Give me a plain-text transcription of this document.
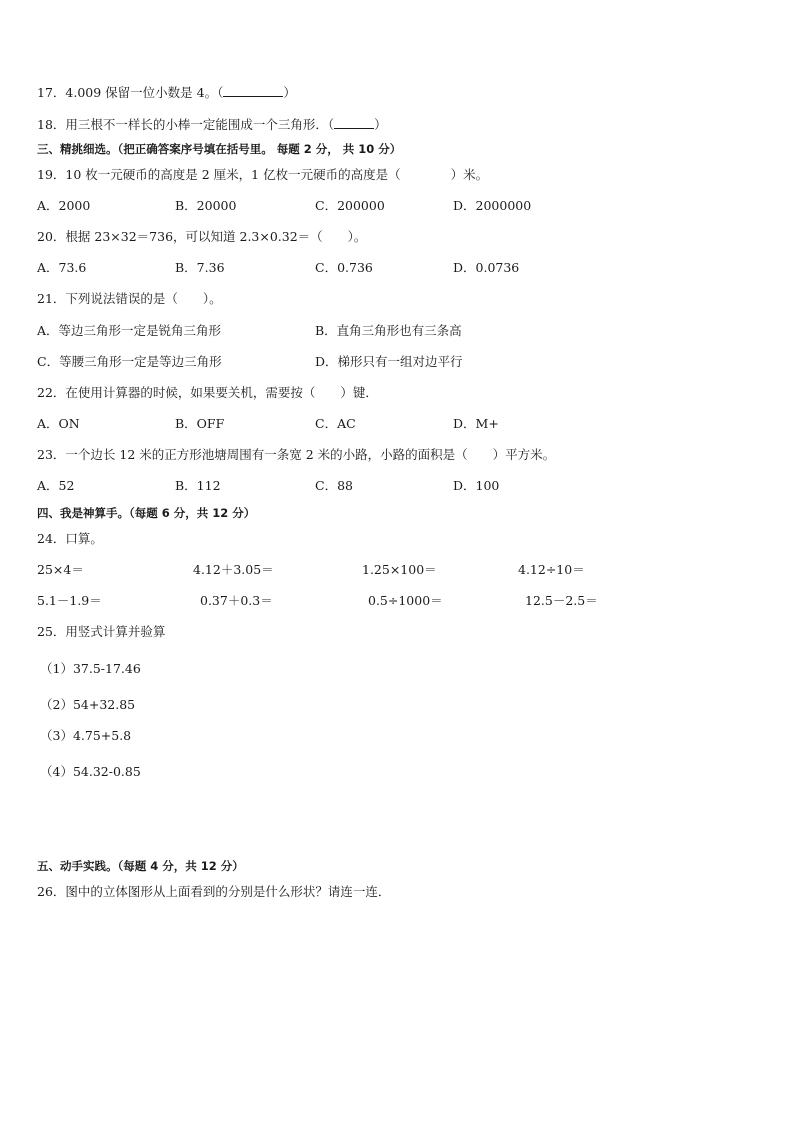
17．4.009 保留一位小数是 4。（	）
18．用三根不一样长的小棒一定能围成一个三角形．（	）
三、精挑细选。（把正确答案序号填在括号里。 每题 2 分， 共 10 分）
19．10 枚一元硬币的高度是 2 厘米，1 亿枚一元硬币的高度是（　　　　）米。
A．2000	B．20000	C．200000	D．2000000
20．根据 23×32＝736，可以知道 2.3×0.32＝（　　）。
A．73.6	B．7.36	C．0.736	D．0.0736
21．下列说法错误的是（　　）。
A．等边三角形一定是锐角三角形	B．直角三角形也有三条高
C．等腰三角形一定是等边三角形	D．梯形只有一组对边平行
22．在使用计算器的时候，如果要关机，需要按（　　）键．
A．ON	B．OFF	C．AC	D．M+
23．一个边长 12 米的正方形池塘周围有一条宽 2 米的小路，小路的面积是（　　）平方米。
A．52	B．112	C．88	D．100
四、我是神算手。（每题 6 分，共 12 分）
24．口算。
25×4＝	4.12＋3.05＝	1.25×100＝	4.12÷10＝
5.1－1.9＝	0.37＋0.3＝	0.5÷1000＝	12.5－2.5＝
25．用竖式计算并验算
（1）37.5-17.46
（2）54+32.85
（3）4.75+5.8
（4）54.32-0.85
五、动手实践。（每题 4 分，共 12 分）
26．图中的立体图形从上面看到的分别是什么形状？请连一连．
